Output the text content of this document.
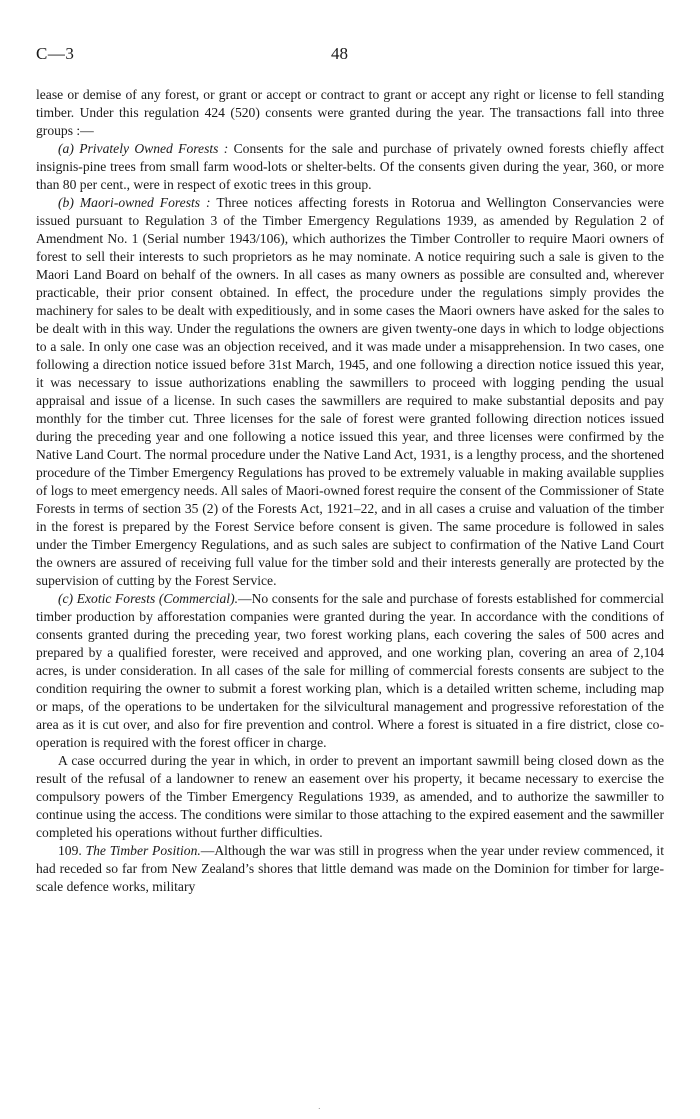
C—3	48

lease or demise of any forest, or grant or accept or contract to grant or accept any right or license to fell standing timber. Under this regulation 424 (520) consents were granted during the year. The transactions fall into three groups :—

(a) Privately Owned Forests : Consents for the sale and purchase of privately owned forests chiefly affect insignis-pine trees from small farm wood-lots or shelter-belts. Of the consents given during the year, 360, or more than 80 per cent., were in respect of exotic trees in this group.

(b) Maori-owned Forests : Three notices affecting forests in Rotorua and Wellington Conservancies were issued pursuant to Regulation 3 of the Timber Emergency Regulations 1939, as amended by Regulation 2 of Amendment No. 1 (Serial number 1943/106), which authorizes the Timber Controller to require Maori owners of forest to sell their interests to such proprietors as he may nominate. A notice requiring such a sale is given to the Maori Land Board on behalf of the owners. In all cases as many owners as possible are consulted and, wherever practicable, their prior consent obtained. In effect, the procedure under the regulations simply provides the machinery for sales to be dealt with expeditiously, and in some cases the Maori owners have asked for the sales to be dealt with in this way. Under the regulations the owners are given twenty-one days in which to lodge objections to a sale. In only one case was an objection received, and it was made under a misapprehension. In two cases, one following a direction notice issued before 31st March, 1945, and one following a direction notice issued this year, it was necessary to issue authorizations enabling the sawmillers to proceed with logging pending the usual appraisal and issue of a license. In such cases the sawmillers are required to make substantial deposits and pay monthly for the timber cut. Three licenses for the sale of forest were granted following direction notices issued during the preceding year and one following a notice issued this year, and three licenses were confirmed by the Native Land Court. The normal procedure under the Native Land Act, 1931, is a lengthy process, and the shortened procedure of the Timber Emergency Regulations has proved to be extremely valuable in making available supplies of logs to meet emergency needs. All sales of Maori-owned forest require the consent of the Commissioner of State Forests in terms of section 35 (2) of the Forests Act, 1921–22, and in all cases a cruise and valuation of the timber in the forest is prepared by the Forest Service before consent is given. The same procedure is followed in sales under the Timber Emergency Regulations, and as such sales are subject to confirmation of the Native Land Court the owners are assured of receiving full value for the timber sold and their interests generally are protected by the supervision of cutting by the Forest Service.

(c) Exotic Forests (Commercial).—No consents for the sale and purchase of forests established for commercial timber production by afforestation companies were granted during the year. In accordance with the conditions of consents granted during the preceding year, two forest working plans, each covering the sales of 500 acres and prepared by a qualified forester, were received and approved, and one working plan, covering an area of 2,104 acres, is under consideration. In all cases of the sale for milling of commercial forests consents are subject to the condition requiring the owner to submit a forest working plan, which is a detailed written scheme, including map or maps, of the operations to be undertaken for the silvicultural management and progressive reforestation of the area as it is cut over, and also for fire prevention and control. Where a forest is situated in a fire district, close co-operation is required with the forest officer in charge.

A case occurred during the year in which, in order to prevent an important sawmill being closed down as the result of the refusal of a landowner to renew an easement over his property, it became necessary to exercise the compulsory powers of the Timber Emergency Regulations 1939, as amended, and to authorize the sawmiller to continue using the access. The conditions were similar to those attaching to the expired easement and the sawmiller completed his operations without further difficulties.

109. The Timber Position.—Although the war was still in progress when the year under review commenced, it had receded so far from New Zealand’s shores that little demand was made on the Dominion for timber for large-scale defence works, military

.
